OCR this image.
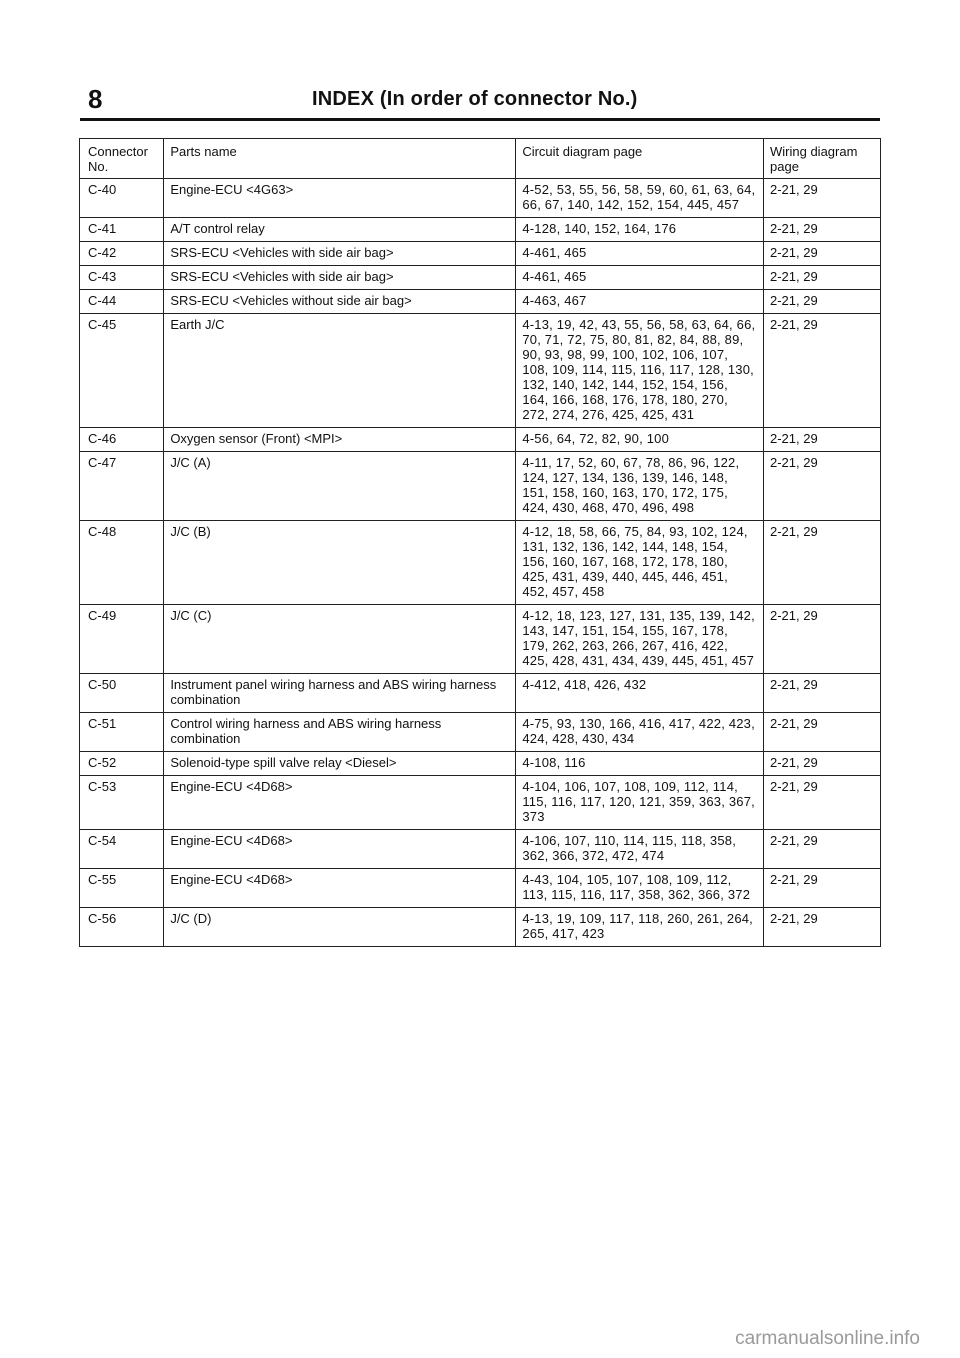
8	INDEX (In order of connector No.)
Connector No.	Parts name	Circuit diagram page	Wiring diagram page
C-40	Engine-ECU <4G63>	4-52, 53, 55, 56, 58, 59, 60, 61, 63, 64, 66, 67, 140, 142, 152, 154, 445, 457	2-21, 29
C-41	A/T control relay	4-128, 140, 152, 164, 176	2-21, 29
C-42	SRS-ECU <Vehicles with side air bag>	4-461, 465	2-21, 29
C-43	SRS-ECU <Vehicles with side air bag>	4-461, 465	2-21, 29
C-44	SRS-ECU <Vehicles without side air bag>	4-463, 467	2-21, 29
C-45	Earth J/C	4-13, 19, 42, 43, 55, 56, 58, 63, 64, 66, 70, 71, 72, 75, 80, 81, 82, 84, 88, 89, 90, 93, 98, 99, 100, 102, 106, 107, 108, 109, 114, 115, 116, 117, 128, 130, 132, 140, 142, 144, 152, 154, 156, 164, 166, 168, 176, 178, 180, 270, 272, 274, 276, 425, 425, 431	2-21, 29
C-46	Oxygen sensor (Front) <MPI>	4-56, 64, 72, 82, 90, 100	2-21, 29
C-47	J/C (A)	4-11, 17, 52, 60, 67, 78, 86, 96, 122, 124, 127, 134, 136, 139, 146, 148, 151, 158, 160, 163, 170, 172, 175, 424, 430, 468, 470, 496, 498	2-21, 29
C-48	J/C (B)	4-12, 18, 58, 66, 75, 84, 93, 102, 124, 131, 132, 136, 142, 144, 148, 154, 156, 160, 167, 168, 172, 178, 180, 425, 431, 439, 440, 445, 446, 451, 452, 457, 458	2-21, 29
C-49	J/C (C)	4-12, 18, 123, 127, 131, 135, 139, 142, 143, 147, 151, 154, 155, 167, 178, 179, 262, 263, 266, 267, 416, 422, 425, 428, 431, 434, 439, 445, 451, 457	2-21, 29
C-50	Instrument panel wiring harness and ABS wiring harness combination	4-412, 418, 426, 432	2-21, 29
C-51	Control wiring harness and ABS wiring harness combination	4-75, 93, 130, 166, 416, 417, 422, 423, 424, 428, 430, 434	2-21, 29
C-52	Solenoid-type spill valve relay <Diesel>	4-108, 116	2-21, 29
C-53	Engine-ECU <4D68>	4-104, 106, 107, 108, 109, 112, 114, 115, 116, 117, 120, 121, 359, 363, 367, 373	2-21, 29
C-54	Engine-ECU <4D68>	4-106, 107, 110, 114, 115, 118, 358, 362, 366, 372, 472, 474	2-21, 29
C-55	Engine-ECU <4D68>	4-43, 104, 105, 107, 108, 109, 112, 113, 115, 116, 117, 358, 362, 366, 372	2-21, 29
C-56	J/C (D)	4-13, 19, 109, 117, 118, 260, 261, 264, 265, 417, 423	2-21, 29
carmanualsonline.info
